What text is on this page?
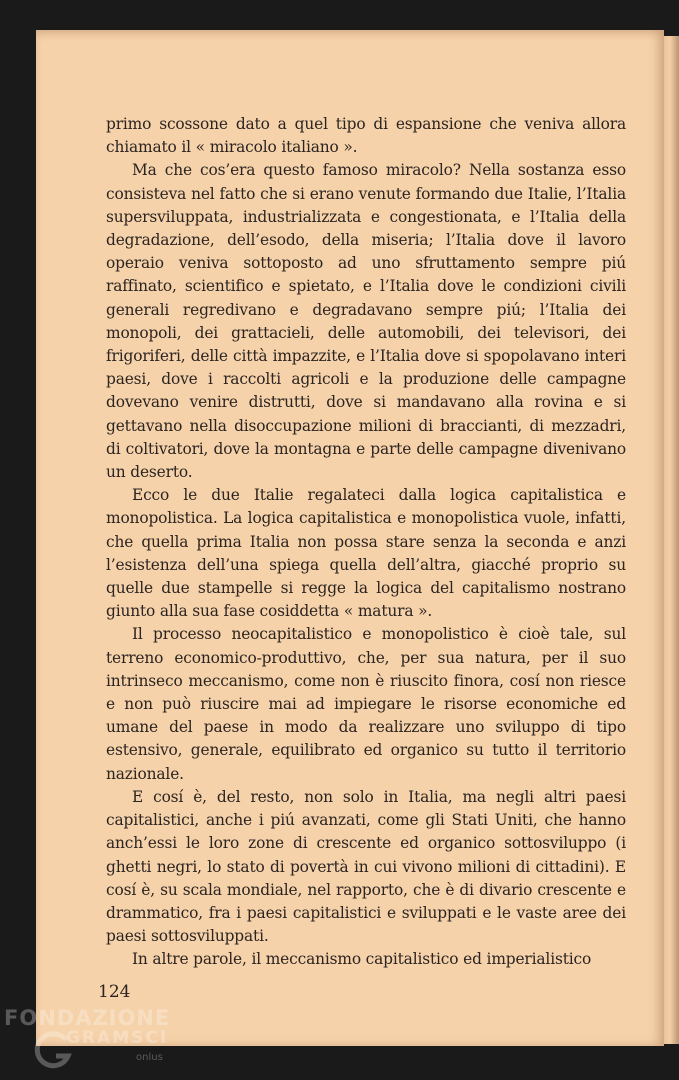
primo scossone dato a quel tipo di espansione che veniva allora chiamato il « miracolo italiano ».

Ma che cos’era questo famoso miracolo? Nella sostanza esso consisteva nel fatto che si erano venute formando due Italie, l’Italia supersviluppata, industrializzata e congestionata, e l’Italia della degradazione, dell’esodo, della miseria; l’Italia dove il lavoro operaio veniva sottoposto ad uno sfruttamento sempre piú raffinato, scientifico e spietato, e l’Italia dove le condizioni civili generali regredivano e degradavano sempre piú; l’Italia dei monopoli, dei grattacieli, delle automobili, dei televisori, dei frigoriferi, delle città impazzite, e l’Italia dove si spopolavano interi paesi, dove i raccolti agricoli e la produzione delle campagne dovevano venire distrutti, dove si mandavano alla rovina e si gettavano nella disoccupazione milioni di braccianti, di mezzadri, di coltivatori, dove la montagna e parte delle campagne divenivano un deserto.

Ecco le due Italie regalateci dalla logica capitalistica e monopolistica. La logica capitalistica e monopolistica vuole, infatti, che quella prima Italia non possa stare senza la seconda e anzi l’esistenza dell’una spiega quella dell’altra, giacché proprio su quelle due stampelle si regge la logica del capitalismo nostrano giunto alla sua fase cosiddetta « matura ».

Il processo neocapitalistico e monopolistico è cioè tale, sul terreno economico-produttivo, che, per sua natura, per il suo intrinseco meccanismo, come non è riuscito finora, cosí non riesce e non può riuscire mai ad impiegare le risorse economiche ed umane del paese in modo da realizzare uno sviluppo di tipo estensivo, generale, equilibrato ed organico su tutto il territorio nazionale.

E cosí è, del resto, non solo in Italia, ma negli altri paesi capitalistici, anche i piú avanzati, come gli Stati Uniti, che hanno anch’essi le loro zone di crescente ed organico sottosviluppo (i ghetti negri, lo stato di povertà in cui vivono milioni di cittadini). E cosí è, su scala mondiale, nel rapporto, che è di divario crescente e drammatico, fra i paesi capitalistici e sviluppati e le vaste aree dei paesi sottosviluppati.

In altre parole, il meccanismo capitalistico ed imperialistico

124
FONDAZIONE
GRAMSCI
onlus
